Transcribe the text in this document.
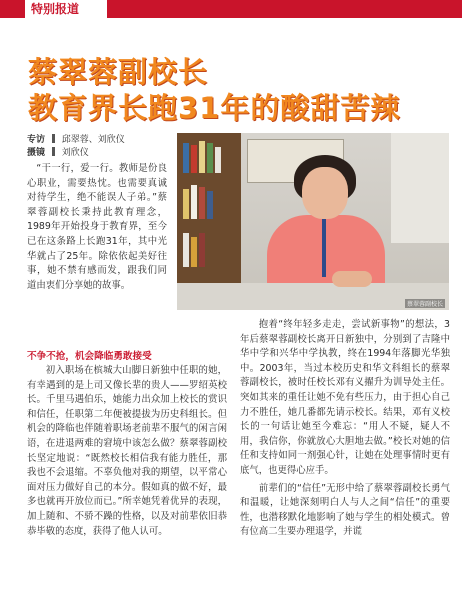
特别报道
蔡翠蓉副校长
教育界长跑31年的酸甜苦辣
专访 邱翠蓉、刘欣仪
摄镜 刘欣仪
蔡翠蓉副校长

“干一行，爱一行。教师是份良心职业，需要热忱。也需要真诚对待学生，绝不能误人子弟。”蔡翠蓉副校长秉持此教育理念，1989年开始投身于教育界，至今已在这条路上长跑31年，其中光华就占了25年。除依依起美好往事，她不禁有感而发，跟我们同道由衷们分享她的故事。

不争不抢，机会降临勇敢接受

初入职场在槟城大山脚日新独中任职的她，有幸遇到的是上司又像长辈的贵人——罗绍英校长。千里马遇伯乐，她能力出众加上校长的赏识和信任，任职第二年便被提拔为历史科组长。但机会的降临也伴随着职场老前辈不服气的闲言闲语，在进退两难的窘境中该怎么做？蔡翠蓉副校长坚定地说：“既然校长相信我有能力胜任，那我也不会退缩。不辜负他对我的期望，以平常心面对压力做好自己的本分。假如真的做不好，最多也就再开放位而已。”所幸她凭着优异的表现，加上随和、不骄不躁的性格，以及对前辈依旧恭恭毕敬的态度，获得了他人认可。

抱着“终年轻多走走，尝试新事物”的想法，3年后蔡翠蓉副校长离开日新独中，分别到了吉隆中华中学和兴华中学执教，终在1994年落脚光华独中。2003年，当过本校历史和华文科组长的蔡翠蓉副校长，被时任校长邓有义擢升为训导处主任。突如其来的重任让她不免有些压力，由于担心自己力不胜任，她几番都先请示校长。结果，邓有义校长的一句话让她至今难忘：“用人不疑，疑人不用，我信你，你就放心大胆地去做。”校长对她的信任和支持如同一剂强心针，让她在处理事情时更有底气，也更得心应手。

前辈们的“信任”无形中给了蔡翠蓉副校长勇气和温暖，让她深刻明白人与人之间“信任”的重要性，也潜移默化地影响了她与学生的相处模式。曾有位高二生要办理退学，并谎
